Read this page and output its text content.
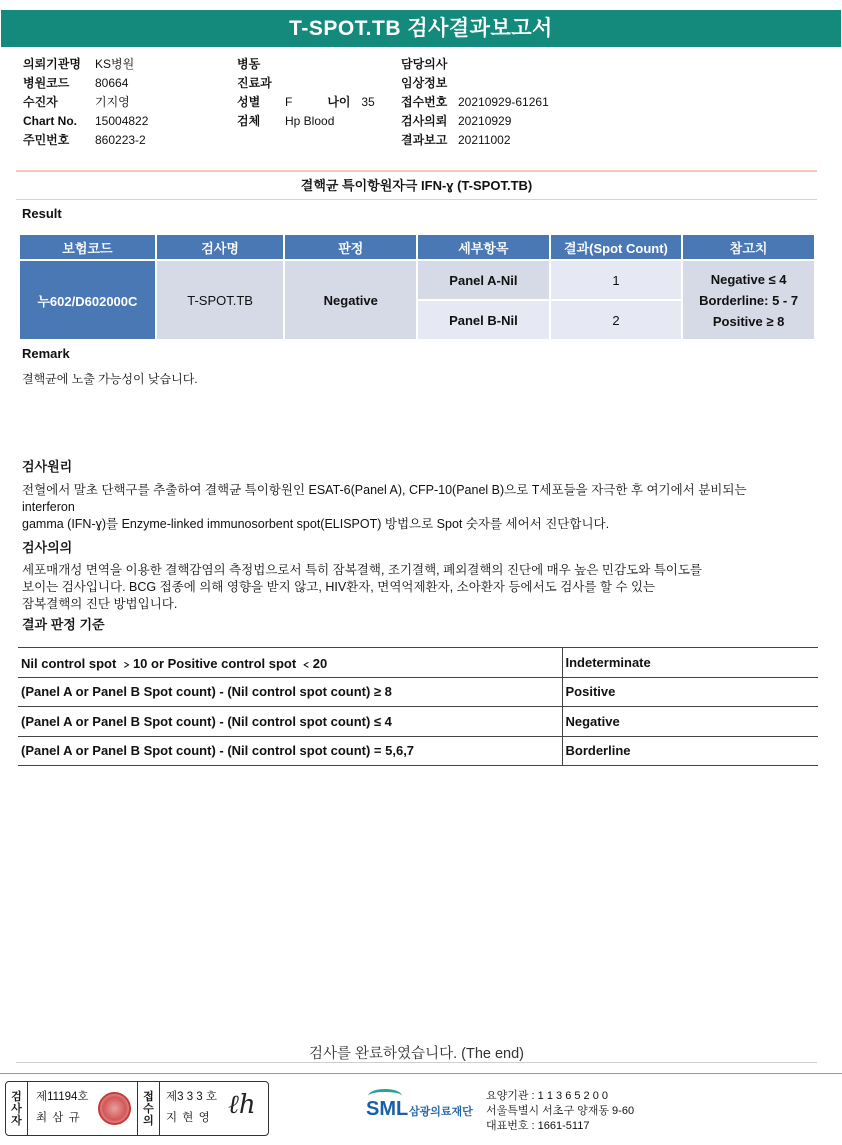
T-SPOT.TB 검사결과보고서
의뢰기관명	KS병원
병원코드	80664
수진자	기지영
Chart No.	15004822
주민번호	860223-2
병동
진료과
성별	F	나이 35
검체	Hp Blood
담당의사
임상정보
접수번호 20210929-61261
검사의뢰 20210929
결과보고 20211002
결핵균 특이항원자극 IFN-ɣ (T-SPOT.TB)
Result
보험코드	검사명	판정	세부항목	결과(Spot Count)	참고치
누602/D602000C	T-SPOT.TB	Negative	Panel A-Nil	1	Negative ≤ 4
Borderline: 5 - 7
Positive ≥ 8

			Panel B-Nil	2	
Remark
결핵균에 노출 가능성이 낮습니다.
검사원리
전혈에서 말초 단핵구를 추출하여 결핵균 특이항원인 ESAT-6(Panel A), CFP-10(Panel B)으로 T세포들을 자극한 후 여기에서 분비되는
interferon
gamma (IFN-ɣ)를 Enzyme-linked immunosorbent spot(ELISPOT) 방법으로 Spot 숫자를 세어서 진단합니다.
검사의의
세포매개성 면역을 이용한 결핵감염의 측정법으로서 특히 잠복결핵, 조기결핵, 폐외결핵의 진단에 매우 높은 민감도와 특이도를
보이는 검사입니다. BCG 접종에 의해 영향을 받지 않고, HIV환자, 면역억제환자, 소아환자 등에서도 검사를 할 수 있는
잠복결핵의 진단 방법입니다.
결과 판정 기준
Nil control spot ﹥10 or Positive control spot ﹤20	Indeterminate
(Panel A or Panel B Spot count) - (Nil control spot count) ≥ 8	Positive
(Panel A or Panel B Spot count) - (Nil control spot count) ≤ 4	Negative
(Panel A or Panel B Spot count) - (Nil control spot count) = 5,6,7	Borderline
검사를 완료하였습니다. (The end)
검
사
자
제11194호
최 삼 규
접
수
의
제3 3 3 호
지 현 영 ℓh	SML 삼광의료재단
요양기관 : 1 1 3 6 5 2 0 0
서울특별시 서초구 양재동 9-60
대표번호 : 1661-5117
